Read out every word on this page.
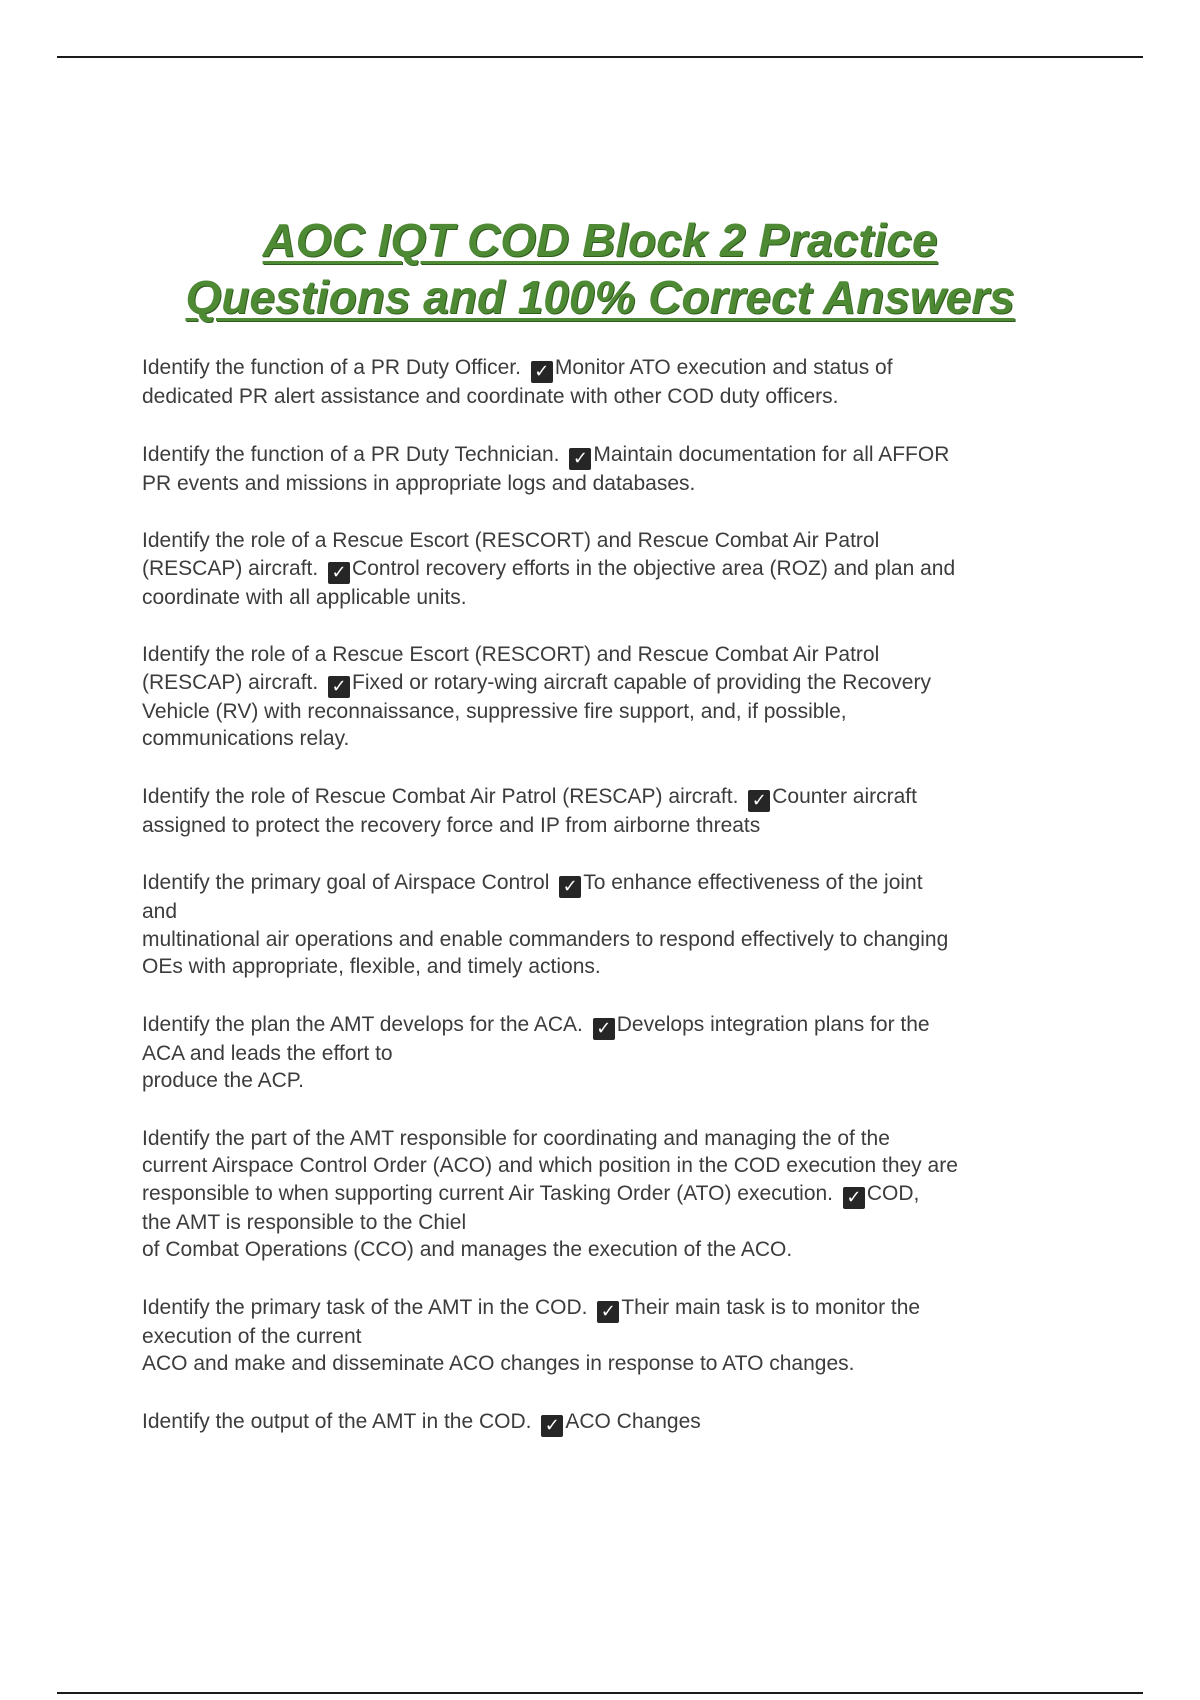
AOC IQT COD Block 2 Practice
Questions and 100% Correct Answers
Identify the function of a PR Duty Officer. ✓ Monitor ATO execution and status of
dedicated PR alert assistance and coordinate with other COD duty officers.
Identify the function of a PR Duty Technician. ✓ Maintain documentation for all AFFOR
PR events and missions in appropriate logs and databases.
Identify the role of a Rescue Escort (RESCORT) and Rescue Combat Air Patrol
(RESCAP) aircraft. ✓ Control recovery efforts in the objective area (ROZ) and plan and
coordinate with all applicable units.
Identify the role of a Rescue Escort (RESCORT) and Rescue Combat Air Patrol
(RESCAP) aircraft. ✓ Fixed or rotary-wing aircraft capable of providing the Recovery
Vehicle (RV) with reconnaissance, suppressive fire support, and, if possible,
communications relay.
Identify the role of Rescue Combat Air Patrol (RESCAP) aircraft. ✓ Counter aircraft
assigned to protect the recovery force and IP from airborne threats
Identify the primary goal of Airspace Control ✓ To enhance effectiveness of the joint
and
multinational air operations and enable commanders to respond effectively to changing
OEs with appropriate, flexible, and timely actions.
Identify the plan the AMT develops for the ACA. ✓ Develops integration plans for the
ACA and leads the effort to
produce the ACP.
Identify the part of the AMT responsible for coordinating and managing the of the
current Airspace Control Order (ACO) and which position in the COD execution they are
responsible to when supporting current Air Tasking Order (ATO) execution. ✓ COD,
the AMT is responsible to the Chiel
of Combat Operations (CCO) and manages the execution of the ACO.
Identify the primary task of the AMT in the COD. ✓ Their main task is to monitor the
execution of the current
ACO and make and disseminate ACO changes in response to ATO changes.
Identify the output of the AMT in the COD. ✓ ACO Changes
